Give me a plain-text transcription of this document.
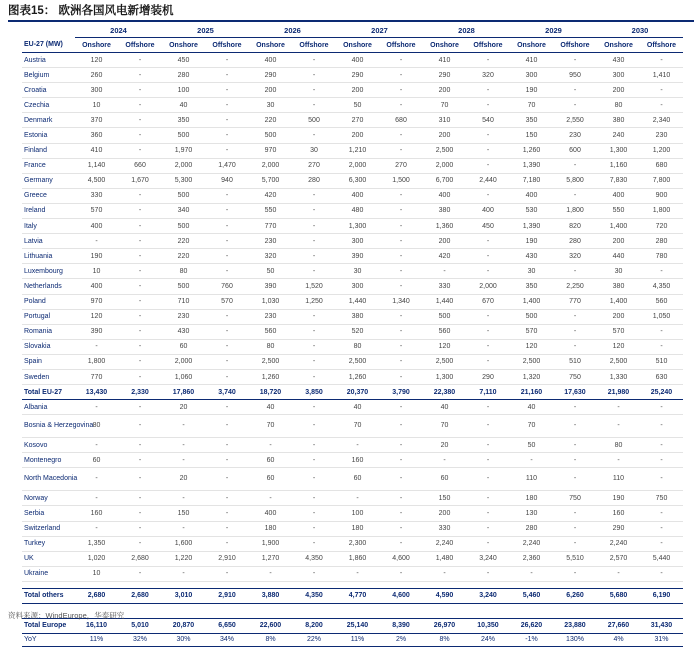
图表15： 欧洲各国风电新增装机
	2024		2025		2026		2027		2028		2029		2030	
EU-27 (MW)	Onshore	Offshore	Onshore	Offshore	Onshore	Offshore	Onshore	Offshore	Onshore	Offshore	Onshore	Offshore	Onshore	Offshore
Austria	120	-	450	-	400	-	400	-	410	-	410	-	430	-
Belgium	260	-	280	-	290	-	290	-	290	320	300	950	300	1,410
Croatia	300	-	100	-	200	-	200	-	200	-	190	-	200	-
Czechia	10	-	40	-	30	-	50	-	70	-	70	-	80	-
Denmark	370	-	350	-	220	500	270	680	310	540	350	2,550	380	2,340
Estonia	360	-	500	-	500	-	200	-	200	-	150	230	240	230
Finland	410	-	1,970	-	970	30	1,210	-	2,500	-	1,260	600	1,300	1,200
France	1,140	660	2,000	1,470	2,000	270	2,000	270	2,000	-	1,390	-	1,160	680
Germany	4,500	1,670	5,300	940	5,700	280	6,300	1,500	6,700	2,440	7,180	5,800	7,830	7,800
Greece	330	-	500	-	420	-	400	-	400	-	400	-	400	900
Ireland	570	-	340	-	550	-	480	-	380	400	530	1,800	550	1,800
Italy	400	-	500	-	770	-	1,300	-	1,360	450	1,390	820	1,400	720
Latvia	-	-	220	-	230	-	300	-	200	-	190	280	200	280
Lithuania	190	-	220	-	320	-	390	-	420	-	430	320	440	780
Luxembourg	10	-	80	-	50	-	30	-	-	-	30	-	30	-
Netherlands	400	-	500	760	390	1,520	300	-	330	2,000	350	2,250	380	4,350
Poland	970	-	710	570	1,030	1,250	1,440	1,340	1,440	670	1,400	770	1,400	560
Portugal	120	-	230	-	230	-	380	-	500	-	500	-	200	1,050
Romania	390	-	430	-	560	-	520	-	560	-	570	-	570	-
Slovakia	-	-	60	-	80	-	80	-	120	-	120	-	120	-
Spain	1,800	-	2,000	-	2,500	-	2,500	-	2,500	-	2,500	510	2,500	510
Sweden	770	-	1,060	-	1,260	-	1,260	-	1,300	290	1,320	750	1,330	630
Total EU-27	13,430	2,330	17,860	3,740	18,720	3,850	20,370	3,790	22,380	7,110	21,160	17,630	21,980	25,240
Albania	-	-	20	-	40	-	40	-	40	-	40	-	-	-
Bosnia & Herzegovina	80	-	-	-	70	-	70	-	70	-	70	-	-	-
Kosovo	-	-	-	-	-	-	-	-	20	-	50	-	80	-
Montenegro	60	-	-	-	60	-	160	-	-	-	-	-	-	-
North Macedonia	-	-	20	-	60	-	60	-	60	-	110	-	110	-
Norway	-	-	-	-	-	-	-	-	150	-	180	750	190	750
Serbia	160	-	150	-	400	-	100	-	200	-	130	-	160	-
Switzerland	-	-	-	-	180	-	180	-	330	-	280	-	290	-
Turkey	1,350	-	1,600	-	1,900	-	2,300	-	2,240	-	2,240	-	2,240	-
UK	1,020	2,680	1,220	2,910	1,270	4,350	1,860	4,600	1,480	3,240	2,360	5,510	2,570	5,440
Ukraine	10	-	-	-	-	-	-	-	-	-	-	-	-	-

Total others	2,680	2,680	3,010	2,910	3,880	4,350	4,770	4,600	4,590	3,240	5,460	6,260	5,680	6,190

Total Europe	16,110	5,010	20,870	6,650	22,600	8,200	25,140	8,390	26,970	10,350	26,620	23,880	27,660	31,430
YoY	11%	32%	30%	34%	8%	22%	11%	2%	8%	24%	-1%	130%	4%	31%
资料来源：WindEurope，华泰研究
